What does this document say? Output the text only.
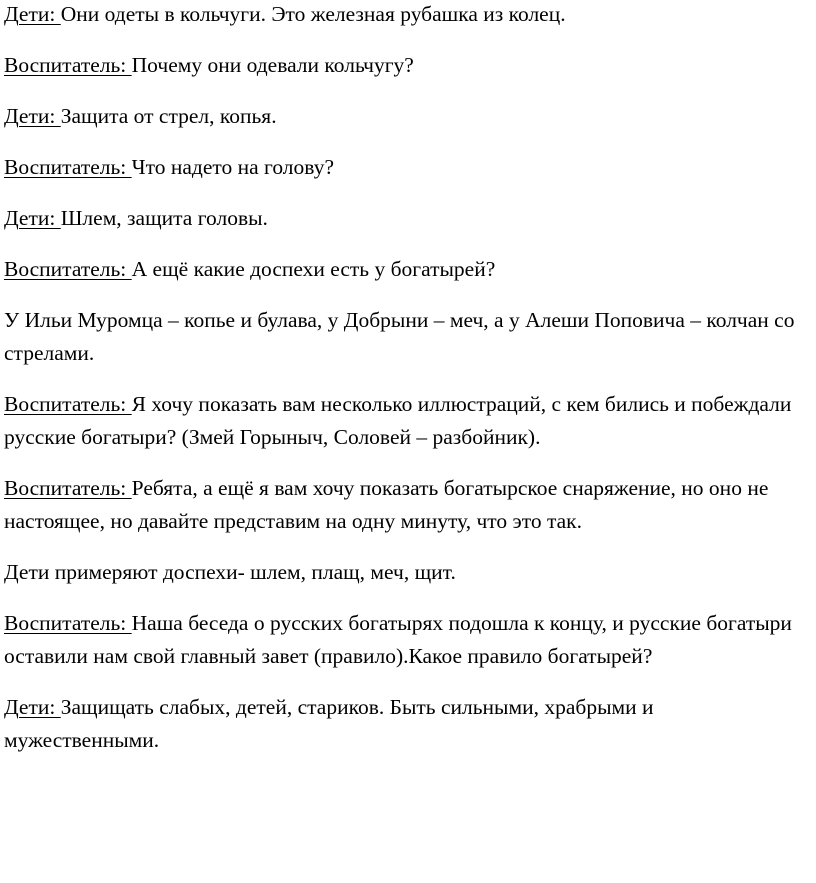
Дети: Они одеты в кольчуги. Это железная рубашка из колец.

Воспитатель: Почему они одевали кольчугу?

Дети: Защита от стрел, копья.

Воспитатель: Что надето на голову?

Дети: Шлем, защита головы.

Воспитатель: А ещё какие доспехи есть у богатырей?

У Ильи Муромца – копье и булава, у Добрыни – меч, а у Алеши Поповича – колчан со стрелами.

Воспитатель: Я хочу показать вам несколько иллюстраций, с кем бились и побеждали русские богатыри? (Змей Горыныч, Соловей – разбойник).

Воспитатель: Ребята, а ещё я вам хочу показать богатырское снаряжение, но оно не настоящее, но давайте представим на одну минуту, что это так.

Дети примеряют доспехи- шлем, плащ, меч, щит.

Воспитатель: Наша беседа о русских богатырях подошла к концу, и русские богатыри оставили нам свой главный завет (правило).Какое правило богатырей?

Дети: Защищать слабых, детей, стариков. Быть сильными, храбрыми и мужественными.
